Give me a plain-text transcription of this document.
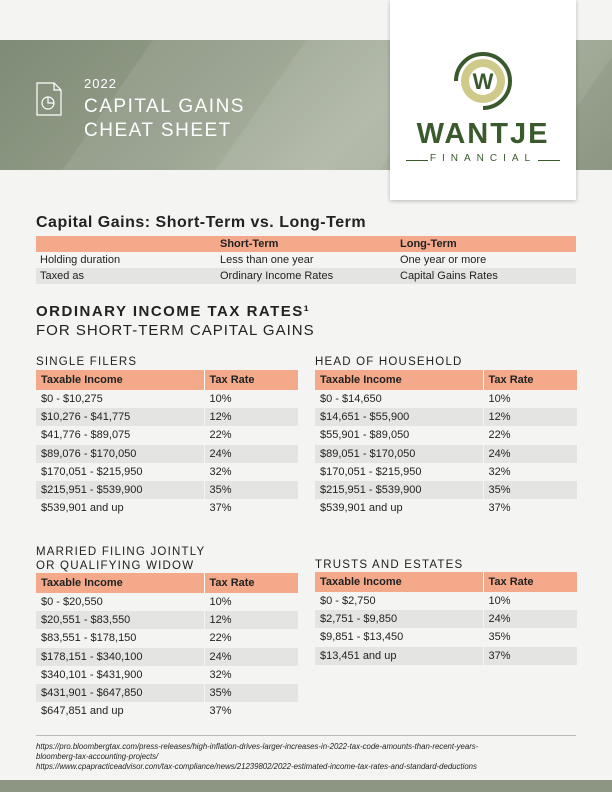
2022
CAPITAL GAINS
CHEAT SHEET
W
WANTJE
FINANCIAL
Capital Gains: Short-Term vs. Long-Term
	Short-Term	Long-Term
Holding duration	Less than one year	One year or more
Taxed as	Ordinary Income Rates	Capital Gains Rates
ORDINARY INCOME TAX RATES¹
FOR SHORT-TERM CAPITAL GAINS
SINGLE FILERS
Taxable Income	Tax Rate
$0 - $10,275	10%
$10,276 - $41,775	12%
$41,776 - $89,075	22%
$89,076 - $170,050	24%
$170,051 - $215,950	32%
$215,951 - $539,900	35%
$539,901 and up	37%
HEAD OF HOUSEHOLD
Taxable Income	Tax Rate
$0 - $14,650	10%
$14,651 - $55,900	12%
$55,901 - $89,050	22%
$89,051 - $170,050	24%
$170,051 - $215,950	32%
$215,951 - $539,900	35%
$539,901 and up	37%
MARRIED FILING JOINTLY
OR QUALIFYING WIDOW
Taxable Income	Tax Rate
$0 - $20,550	10%
$20,551 - $83,550	12%
$83,551 - $178,150	22%
$178,151 - $340,100	24%
$340,101 - $431,900	32%
$431,901 - $647,850	35%
$647,851 and up	37%
TRUSTS AND ESTATES
Taxable Income	Tax Rate
$0 - $2,750	10%
$2,751 - $9,850	24%
$9,851 - $13,450	35%
$13,451 and up	37%
https://pro.bloombergtax.com/press-releases/high-inflation-drives-larger-increases-in-2022-tax-code-amounts-than-recent-years-
bloomberg-tax-accounting-projects/
https://www.cpapracticeadvisor.com/tax-compliance/news/21239802/2022-estimated-income-tax-rates-and-standard-deductions
